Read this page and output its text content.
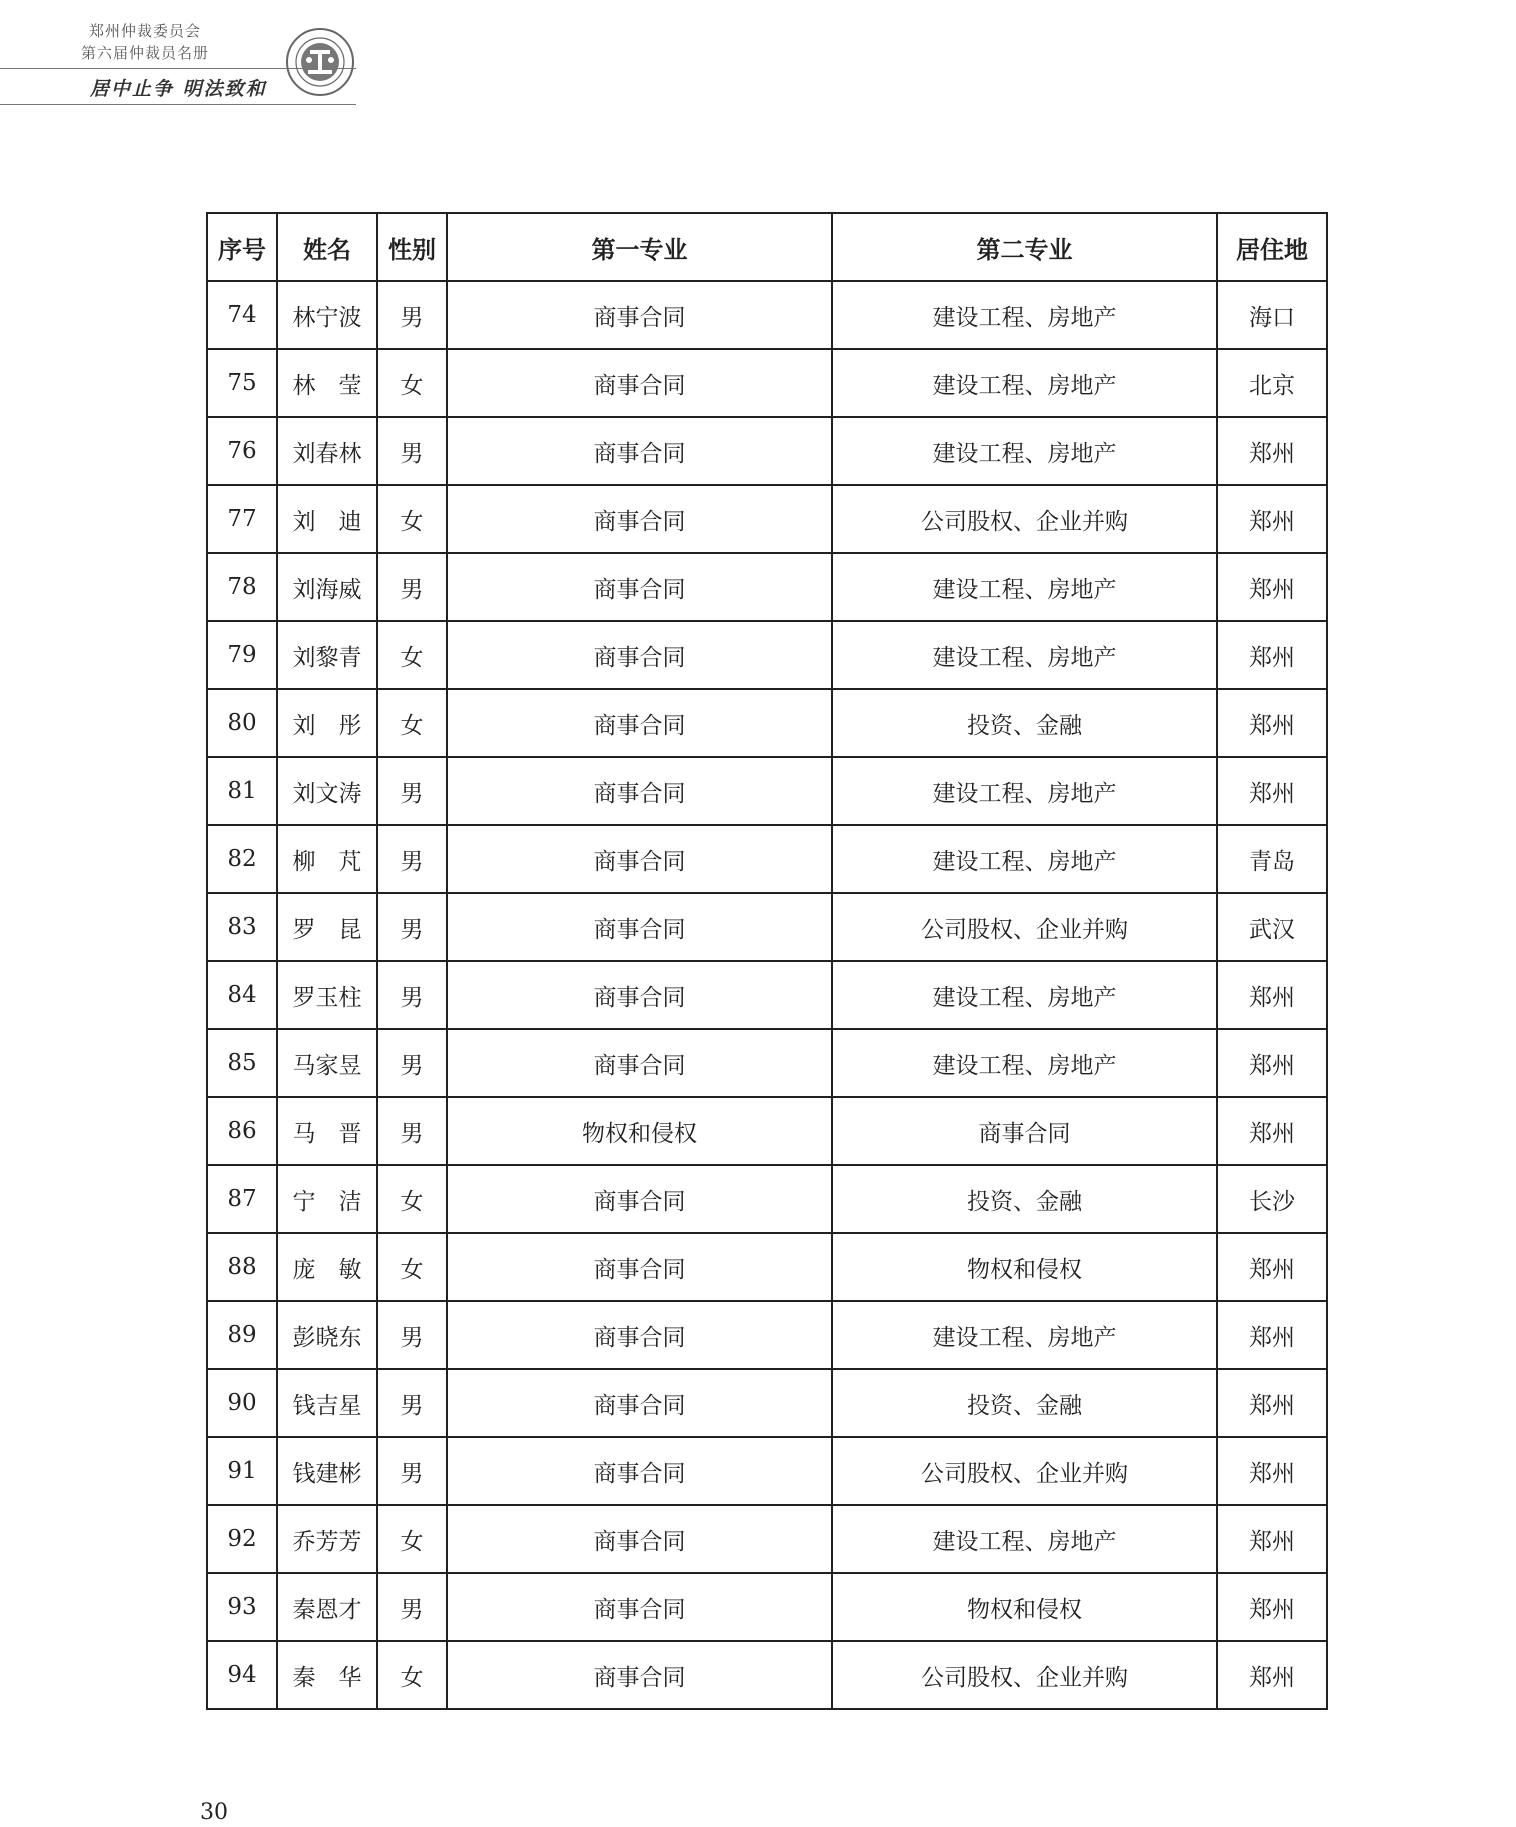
郑州仲裁委员会
第六届仲裁员名册
居中止争 明法致和
序号	姓名	性别	第一专业	第二专业	居住地
74	林宁波	男	商事合同	建设工程、房地产	海口
75	林　莹	女	商事合同	建设工程、房地产	北京
76	刘春林	男	商事合同	建设工程、房地产	郑州
77	刘　迪	女	商事合同	公司股权、企业并购	郑州
78	刘海威	男	商事合同	建设工程、房地产	郑州
79	刘黎青	女	商事合同	建设工程、房地产	郑州
80	刘　彤	女	商事合同	投资、金融	郑州
81	刘文涛	男	商事合同	建设工程、房地产	郑州
82	柳　芃	男	商事合同	建设工程、房地产	青岛
83	罗　昆	男	商事合同	公司股权、企业并购	武汉
84	罗玉柱	男	商事合同	建设工程、房地产	郑州
85	马家昱	男	商事合同	建设工程、房地产	郑州
86	马　晋	男	物权和侵权	商事合同	郑州
87	宁　洁	女	商事合同	投资、金融	长沙
88	庞　敏	女	商事合同	物权和侵权	郑州
89	彭晓东	男	商事合同	建设工程、房地产	郑州
90	钱吉星	男	商事合同	投资、金融	郑州
91	钱建彬	男	商事合同	公司股权、企业并购	郑州
92	乔芳芳	女	商事合同	建设工程、房地产	郑州
93	秦恩才	男	商事合同	物权和侵权	郑州
94	秦　华	女	商事合同	公司股权、企业并购	郑州
30
